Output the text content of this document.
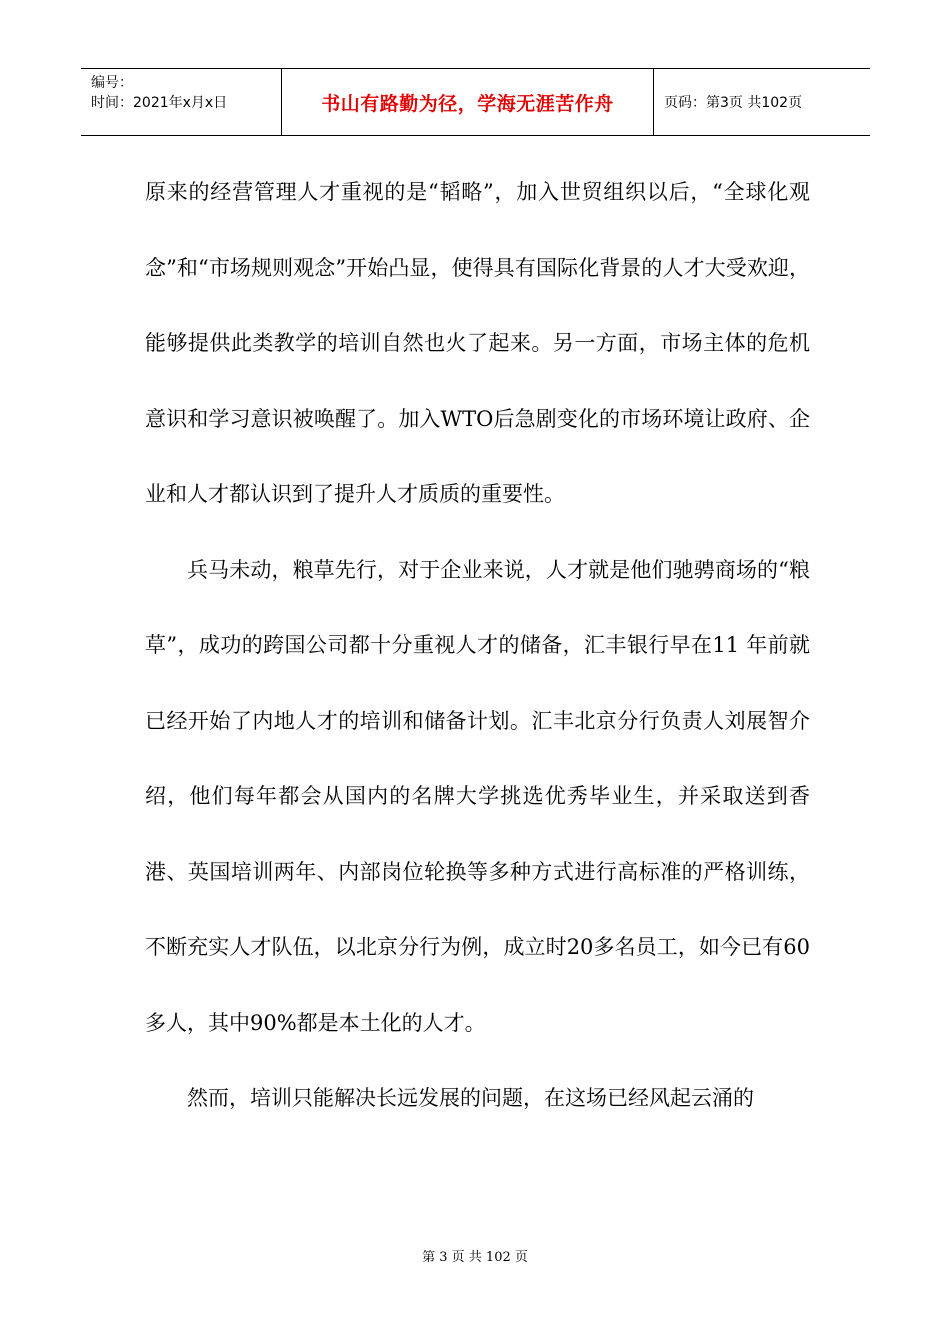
编号：
时间：2021年x月x日	书山有路勤为径，学海无涯苦作舟	页码：第3页 共102页

原来的经营管理人才重视的是“韬略”，加入世贸组织以后，“全球化观念”和“市场规则观念”开始凸显，使得具有国际化背景的人才大受欢迎，能够提供此类教学的培训自然也火了起来。另一方面，市场主体的危机意识和学习意识被唤醒了。加入WTO后急剧变化的市场环境让政府、企业和人才都认识到了提升人才质质的重要性。

兵马未动，粮草先行，对于企业来说，人才就是他们驰骋商场的“粮草”，成功的跨国公司都十分重视人才的储备，汇丰银行早在11 年前就已经开始了内地人才的培训和储备计划。汇丰北京分行负责人刘展智介绍，他们每年都会从国内的名牌大学挑选优秀毕业生，并采取送到香港、英国培训两年、内部岗位轮换等多种方式进行高标准的严格训练，不断充实人才队伍，以北京分行为例，成立时20多名员工，如今已有60多人，其中90%都是本土化的人才。

然而，培训只能解决长远发展的问题，在这场已经风起云涌的

第 3 页 共 102 页
